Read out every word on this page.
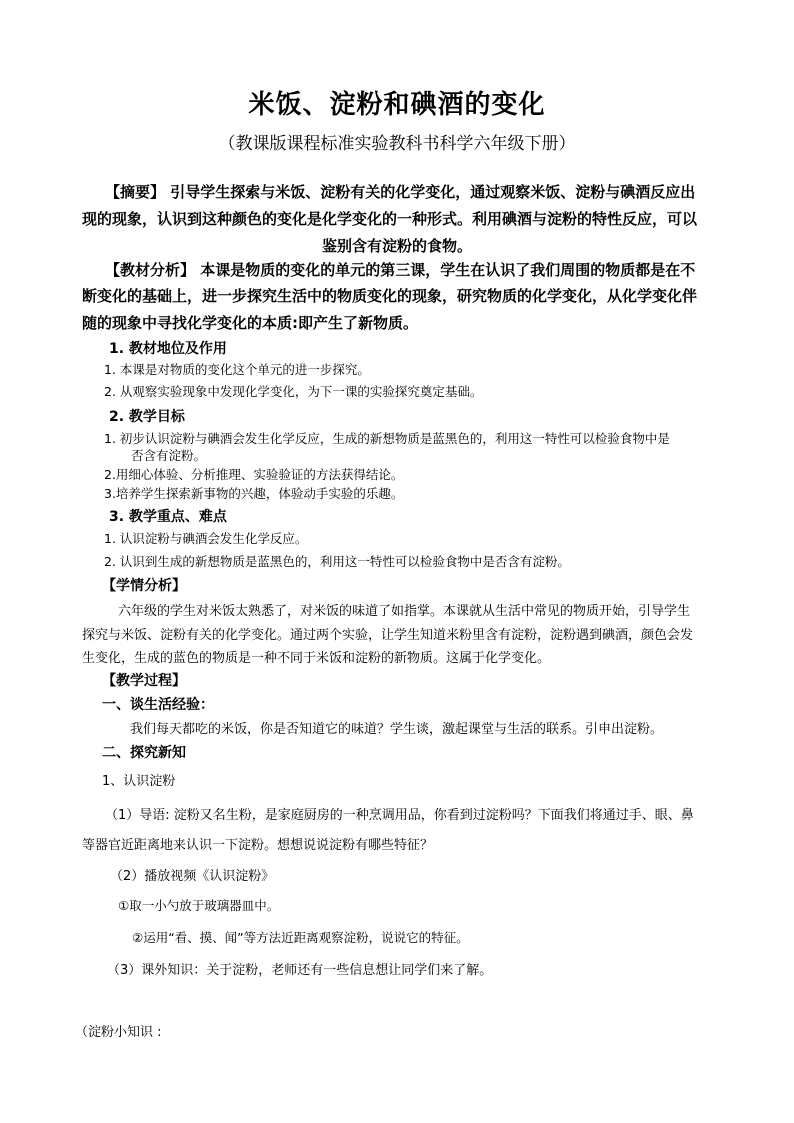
米饭、淀粉和碘酒的变化
（教课版课程标准实验教科书科学六年级下册）
【摘要】 引导学生探索与米饭、淀粉有关的化学变化，通过观察米饭、淀粉与碘酒反应出
现的现象，认识到这种颜色的变化是化学变化的一种形式。利用碘酒与淀粉的特性反应，可以
鉴别含有淀粉的食物。
【教材分析】 本课是物质的变化的单元的第三课，学生在认识了我们周围的物质都是在不
断变化的基础上，进一步探究生活中的物质变化的现象，研究物质的化学变化，从化学变化伴
随的现象中寻找化学变化的本质:即产生了新物质。
1. 教材地位及作用
1. 本课是对物质的变化这个单元的进一步探究。
2. 从观察实验现象中发现化学变化，为下一课的实验探究奠定基础。
2. 教学目标
1. 初步认识淀粉与碘酒会发生化学反应，生成的新想物质是蓝黑色的，利用这一特性可以检验食物中是
否含有淀粉。
2.用细心体验、分析推理、实验验证的方法获得结论。
3.培养学生探索新事物的兴趣，体验动手实验的乐趣。
3. 教学重点、难点
1. 认识淀粉与碘酒会发生化学反应。
2. 认识到生成的新想物质是蓝黑色的，利用这一特性可以检验食物中是否含有淀粉。
【学情分析】
六年级的学生对米饭太熟悉了，对米饭的味道了如指掌。本课就从生活中常见的物质开始，引导学生
探究与米饭、淀粉有关的化学变化。通过两个实验，让学生知道米粉里含有淀粉，淀粉遇到碘酒，颜色会发
生变化，生成的蓝色的物质是一种不同于米饭和淀粉的新物质。这属于化学变化。
【教学过程】
一、谈生活经验：
我们每天都吃的米饭，你是否知道它的味道？学生谈，激起课堂与生活的联系。引申出淀粉。
二、探究新知
1、认识淀粉
（1）导语: 淀粉又名生粉，是家庭厨房的一种烹调用品，你看到过淀粉吗？下面我们将通过手、眼、鼻
等器官近距离地来认识一下淀粉。想想说说淀粉有哪些特征？
（2）播放视频《认识淀粉》
①取一小勺放于玻璃器皿中。
②运用“看、摸、闻”等方法近距离观察淀粉，说说它的特征。
（3）课外知识：关于淀粉，老师还有一些信息想让同学们来了解。
（淀粉小知识 :
